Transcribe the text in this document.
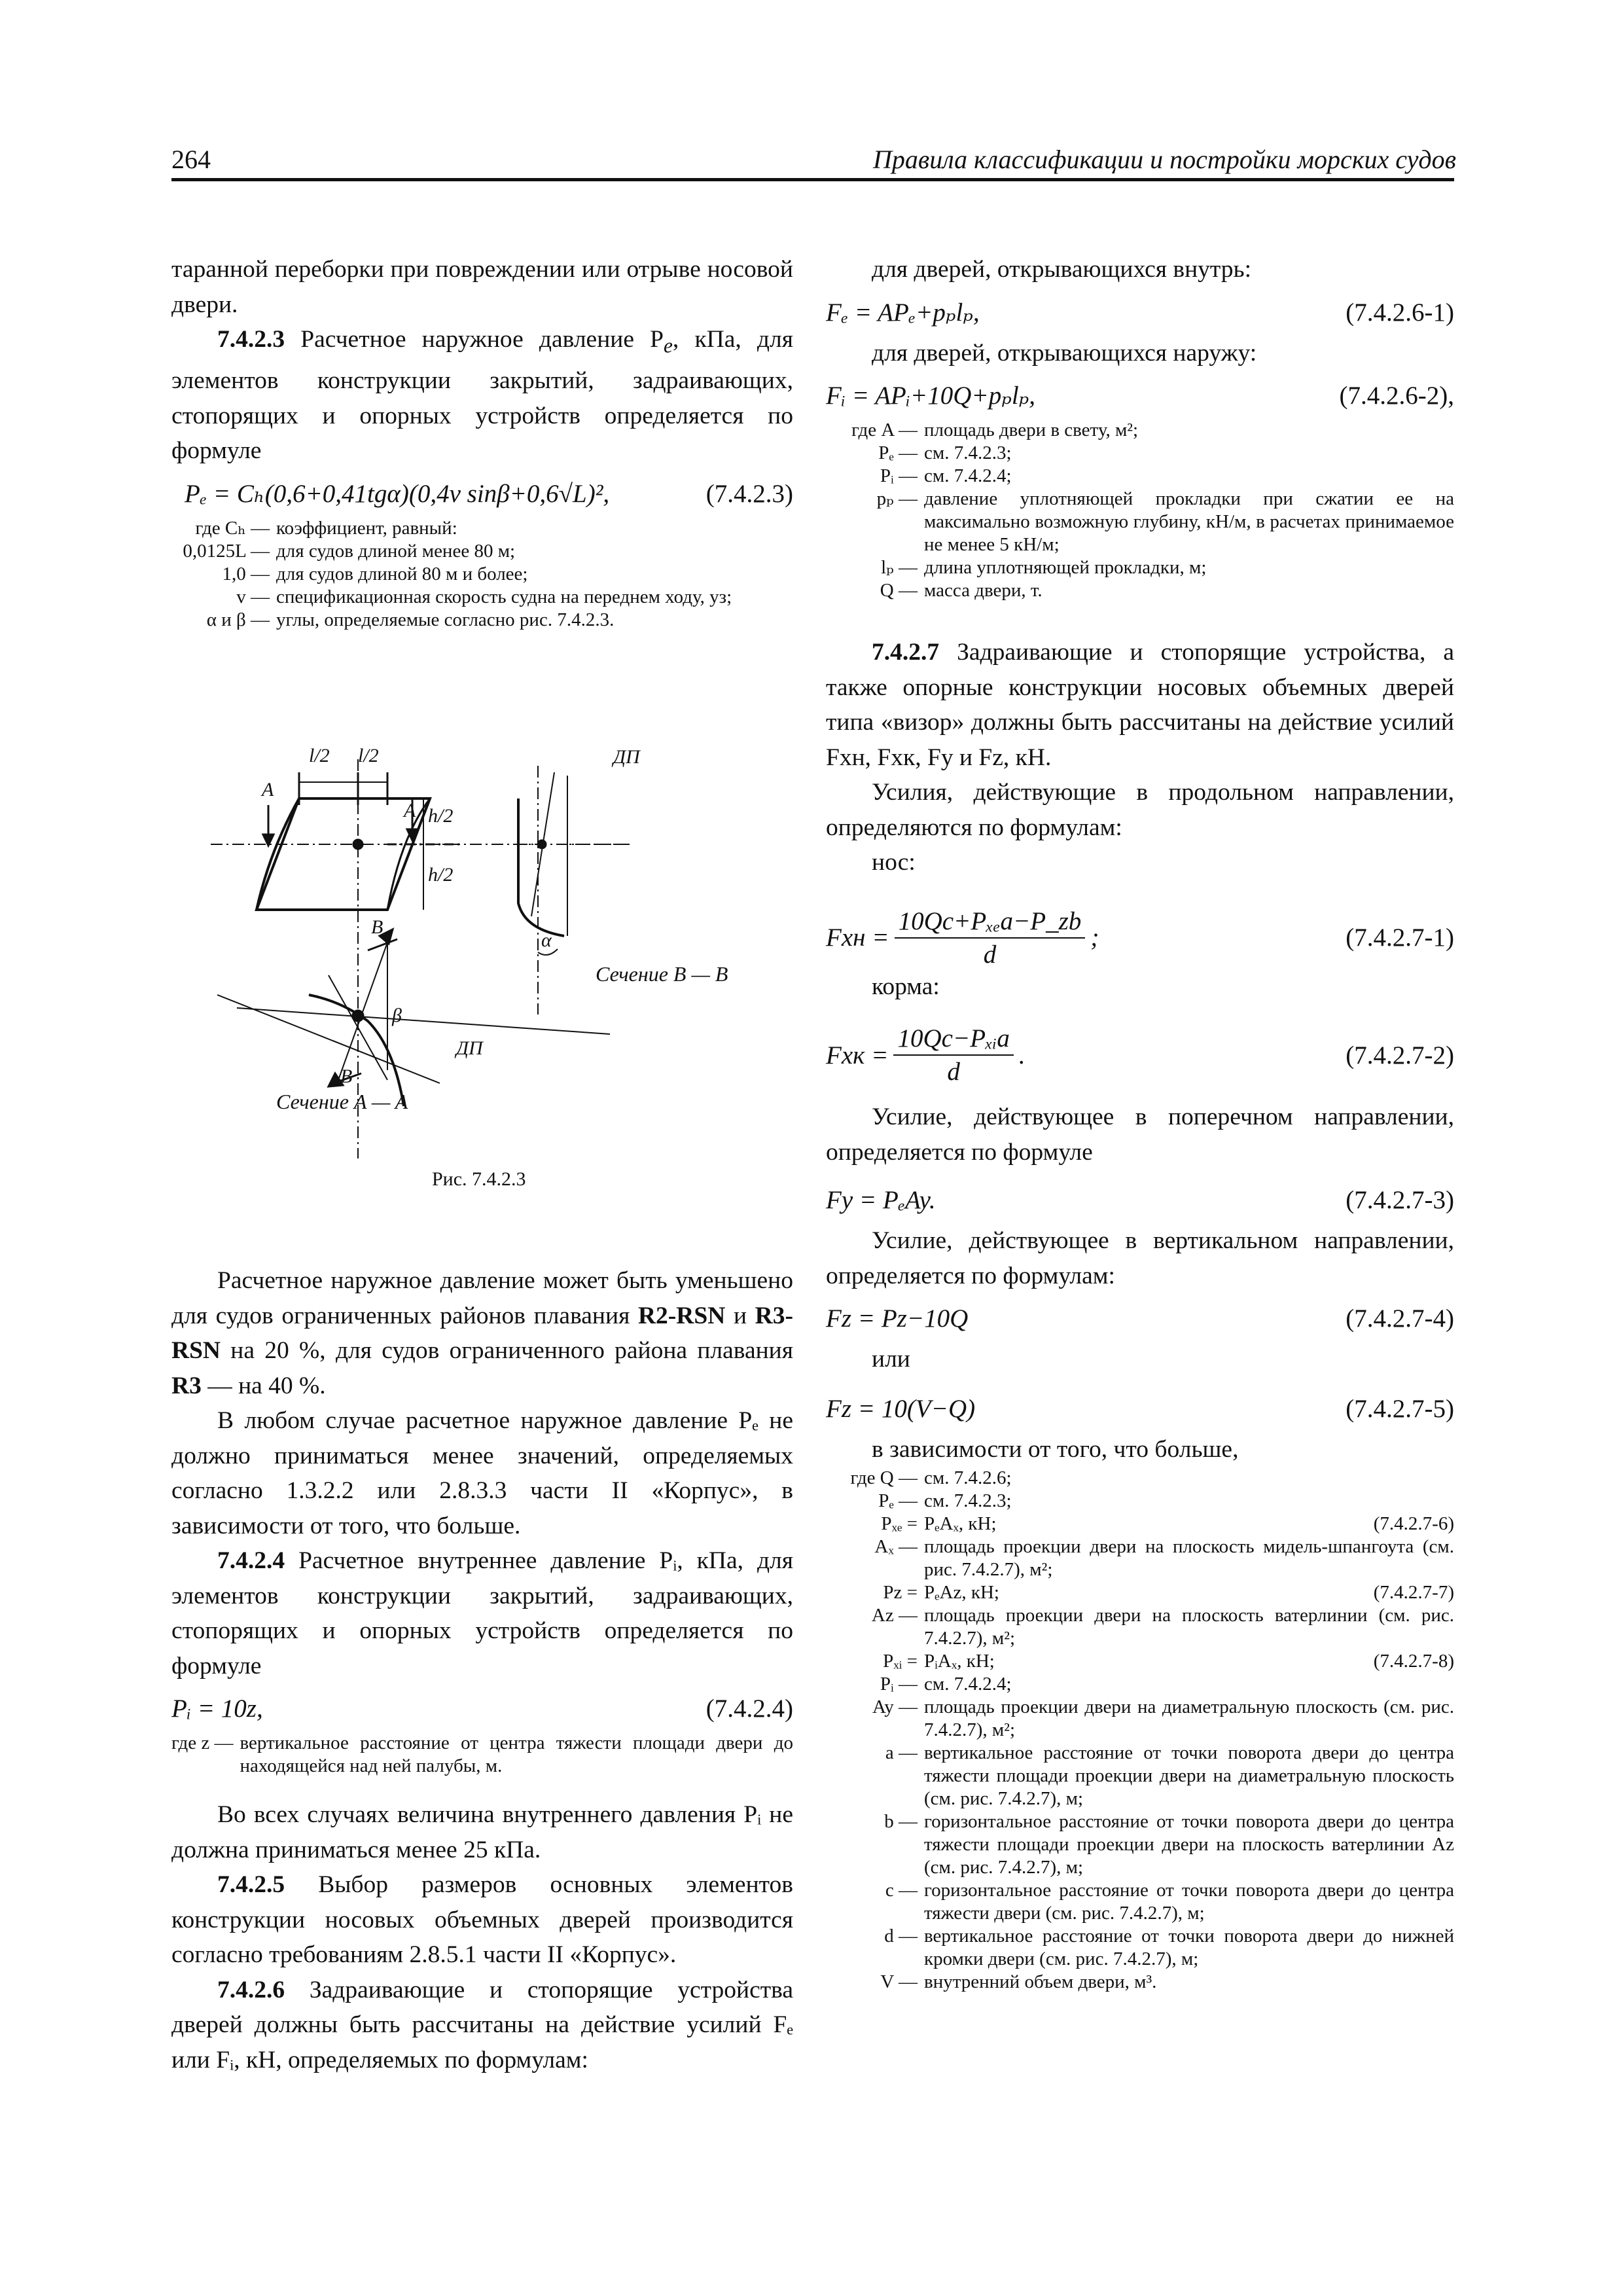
264	Правила классификации и постройки морских судов

таранной переборки при повреждении или отрыве носовой двери.

7.4.2.3 Расчетное наружное давление $P_e$, кПа, для элементов конструкции закрытий, задраивающих, стопорящих и опорных устройств определяется по формуле

Pₑ = Cₕ(0,6+0,41tgα)(0,4v sinβ+0,6√L)²,	(7.4.2.3)
где Cₕ — коэффициент, равный:
0,0125L — для судов длиной менее 80 м;
1,0 — для судов длиной 80 м и более;
v — спецификационная скорость судна на переднем ходу, уз;
α и β — углы, определяемые согласно рис. 7.4.2.3.
l/2 l/2
h/2
h/2
A
A
ДП
ДП
B
B
β
α
Сечение B — B
Сечение A — A
Рис. 7.4.2.3

Расчетное наружное давление может быть уменьшено для судов ограниченных районов плавания R2-RSN и R3-RSN на 20 %, для судов ограниченного района плавания R3 — на 40 %.

В любом случае расчетное наружное давление Pₑ не должно приниматься менее значений, определяемых согласно 1.3.2.2 или 2.8.3.3 части II «Корпус», в зависимости от того, что больше.

7.4.2.4 Расчетное внутреннее давление Pᵢ, кПа, для элементов конструкции закрытий, задраивающих, стопорящих и опорных устройств определяется по формуле

Pᵢ = 10z,	(7.4.2.4)
где z — вертикальное расстояние от центра тяжести площади двери до находящейся над ней палубы, м.

Во всех случаях величина внутреннего давления Pᵢ не должна приниматься менее 25 кПа.

7.4.2.5 Выбор размеров основных элементов конструкции носовых объемных дверей производится согласно требованиям 2.8.5.1 части II «Корпус».

7.4.2.6 Задраивающие и стопорящие устройства дверей должны быть рассчитаны на действие усилий Fₑ или Fᵢ, кН, определяемых по формулам:

для дверей, открывающихся внутрь:

Fₑ = APₑ+pₚlₚ,	(7.4.2.6-1)

для дверей, открывающихся наружу:

Fᵢ = APᵢ+10Q+pₚlₚ,	(7.4.2.6-2),
где A — площадь двери в свету, м²;
Pₑ — см. 7.4.2.3;
Pᵢ — см. 7.4.2.4;
pₚ — давление уплотняющей прокладки при сжатии ее на максимально возможную глубину, кН/м, в расчетах принимаемое не менее 5 кН/м;
lₚ — длина уплотняющей прокладки, м;
Q — масса двери, т.

7.4.2.7 Задраивающие и стопорящие устройства, а также опорные конструкции носовых объемных дверей типа «визор» должны быть рассчитаны на действие усилий Fхн, Fхк, Fy и Fz, кН.

Усилия, действующие в продольном направлении, определяются по формулам:

нос:

Fхн = $\frac{\text{10Qc+Pₓₑa−P\_zb}}{d}$ ;	(7.4.2.7-1)

корма:

Fхк = $\frac{\text{10Qc−Pₓᵢa}}{d}$ .	(7.4.2.7-2)

Усилие, действующее в поперечном направлении, определяется по формуле

Fy = PₑAy.	(7.4.2.7-3)

Усилие, действующее в вертикальном направлении, определяется по формулам:

Fz = Pz−10Q	(7.4.2.7-4)

или

Fz = 10(V−Q)	(7.4.2.7-5)

в зависимости от того, что больше,

где Q — см. 7.4.2.6;
Pₑ — см. 7.4.2.3;
Pₓₑ = PₑAₓ, кН;	(7.4.2.7-6)
Aₓ — площадь проекции двери на плоскость мидель-шпангоута (см. рис. 7.4.2.7), м²;
Pz = PₑAz, кН;	(7.4.2.7-7)
Az — площадь проекции двери на плоскость ватерлинии (см. рис. 7.4.2.7), м²;
Pₓᵢ = PᵢAₓ, кН;	(7.4.2.7-8)
Pᵢ — см. 7.4.2.4;
Ay — площадь проекции двери на диаметральную плоскость (см. рис. 7.4.2.7), м²;
a — вертикальное расстояние от точки поворота двери до центра тяжести площади проекции двери на диаметральную плоскость (см. рис. 7.4.2.7), м;
b — горизонтальное расстояние от точки поворота двери до центра тяжести площади проекции двери на плоскость ватерлинии Az (см. рис. 7.4.2.7), м;
c — горизонтальное расстояние от точки поворота двери до центра тяжести двери (см. рис. 7.4.2.7), м;
d — вертикальное расстояние от точки поворота двери до нижней кромки двери (см. рис. 7.4.2.7), м;
V — внутренний объем двери, м³.
